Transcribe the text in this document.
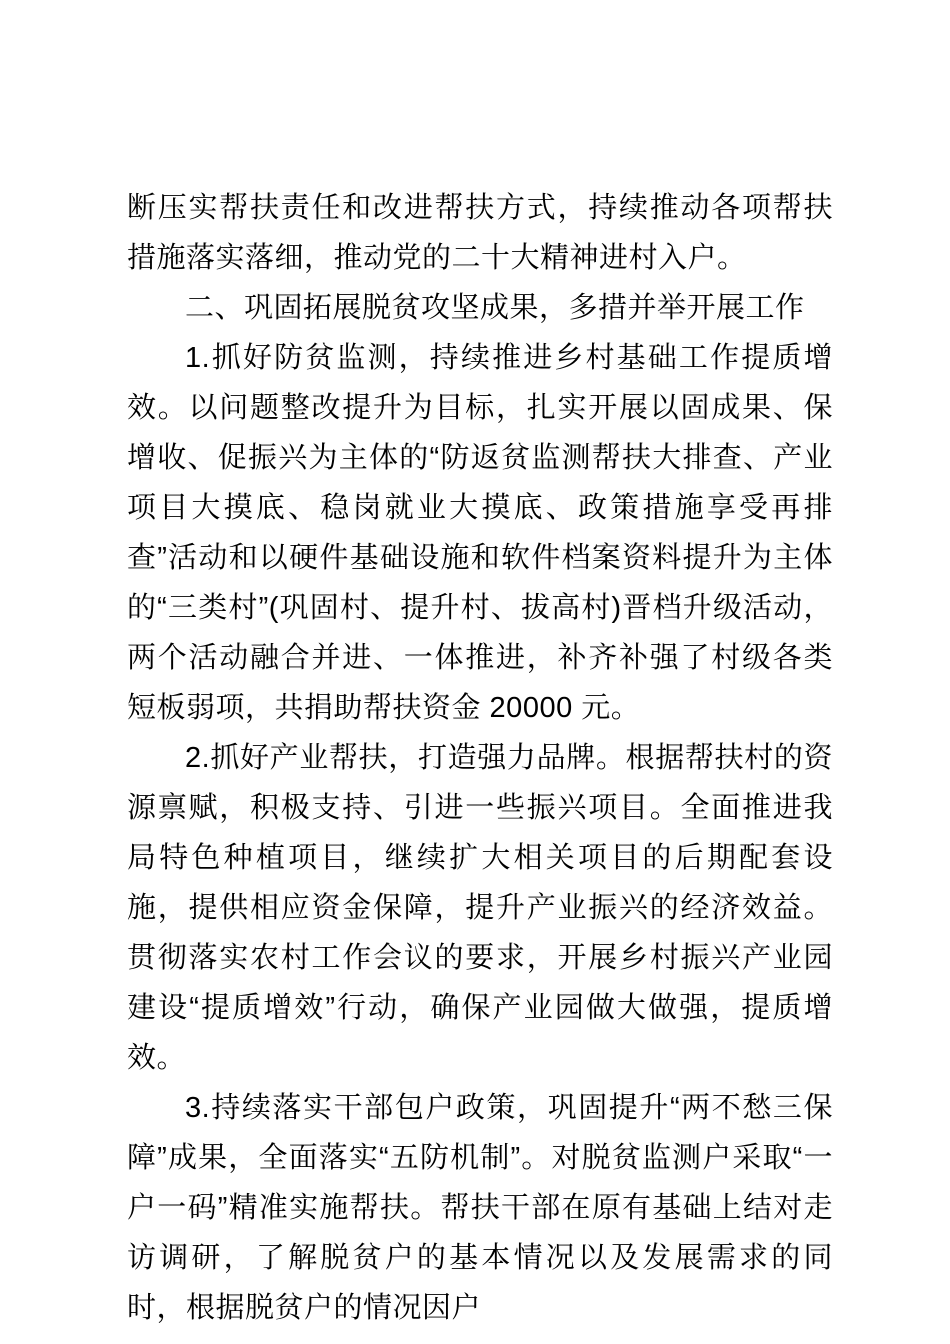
断压实帮扶责任和改进帮扶方式，持续推动各项帮扶措施落实落细，推动党的二十大精神进村入户。

二、巩固拓展脱贫攻坚成果，多措并举开展工作

1.抓好防贫监测，持续推进乡村基础工作提质增效。以问题整改提升为目标，扎实开展以固成果、保增收、促振兴为主体的“防返贫监测帮扶大排查、产业项目大摸底、稳岗就业大摸底、政策措施享受再排查”活动和以硬件基础设施和软件档案资料提升为主体的“三类村”(巩固村、提升村、拔高村)晋档升级活动，两个活动融合并进、一体推进，补齐补强了村级各类短板弱项，共捐助帮扶资金 20000 元。

2.抓好产业帮扶，打造强力品牌。根据帮扶村的资源禀赋，积极支持、引进一些振兴项目。全面推进我局特色种植项目，继续扩大相关项目的后期配套设施，提供相应资金保障，提升产业振兴的经济效益。贯彻落实农村工作会议的要求，开展乡村振兴产业园建设“提质增效”行动，确保产业园做大做强，提质增效。

3.持续落实干部包户政策，巩固提升“两不愁三保障”成果，全面落实“五防机制”。对脱贫监测户采取“一户一码”精准实施帮扶。帮扶干部在原有基础上结对走访调研，了解脱贫户的基本情况以及发展需求的同时，根据脱贫户的情况因户
